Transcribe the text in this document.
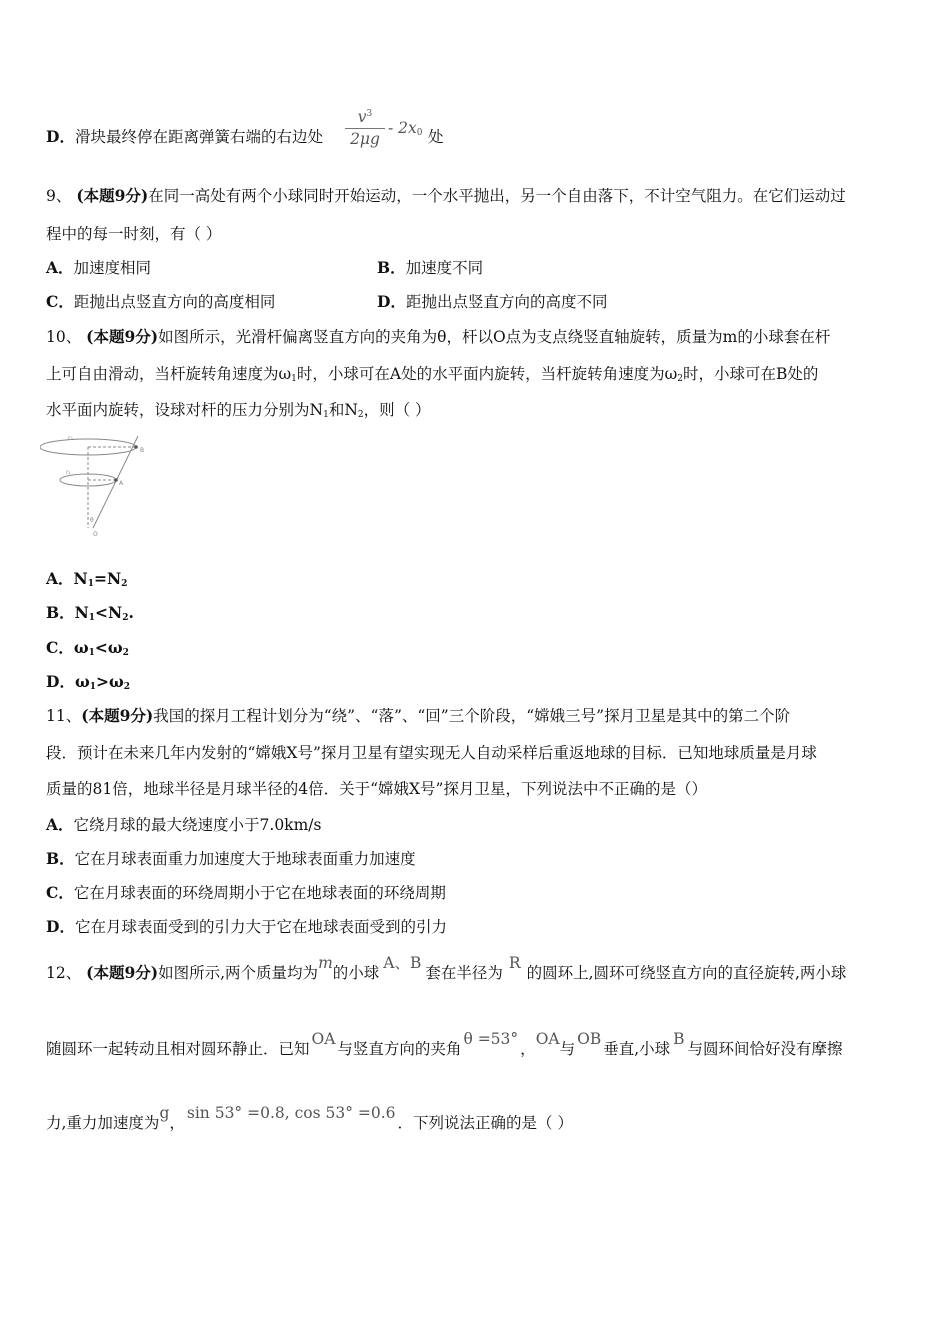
D．滑块最终停在距离弹簧右端的右边处 $\frac{v^3}{2\mu g} - 2x_0$ 处
9、 (本题9分)在同一高处有两个小球同时开始运动，一个水平抛出，另一个自由落下，不计空气阻力。在它们运动过
程中的每一时刻，有（ ）
A．加速度相同	B．加速度不同
C．距抛出点竖直方向的高度相同	D．距抛出点竖直方向的高度不同
10、 (本题9分)如图所示，光滑杆偏离竖直方向的夹角为θ，杆以O点为支点绕竖直轴旋转，质量为m的小球套在杆
上可自由滑动，当杆旋转角速度为$\omega_1$时，小球可在A处的水平面内旋转，当杆旋转角速度为$\omega_2$时，小球可在B处的
水平面内旋转，设球对杆的压力分别为$N_1$和$N_2$，则（ ）
r₂
r₁
B
A
θ
O
A．$N_1=N_2$
B．$N_1<N_2$.
C．$\omega_1<\omega_2$
D．$\omega_1>\omega_2$
11、(本题9分)我国的探月工程计划分为“绕”、“落”、“回”三个阶段，“嫦娥三号”探月卫星是其中的第二个阶
段．预计在未来几年内发射的“嫦娥X号”探月卫星有望实现无人自动采样后重返地球的目标．已知地球质量是月球
质量的81倍，地球半径是月球半径的4倍．关于“嫦娥X号”探月卫星，下列说法中不正确的是（）
A．它绕月球的最大绕速度小于7.0km/s
B．它在月球表面重力加速度大于地球表面重力加速度
C．它在月球表面的环绕周期小于它在地球表面的环绕周期
D．它在月球表面受到的引力大于它在地球表面受到的引力
12、 (本题9分)如图所示,两个质量均为m的小球A、B套在半径为R的圆环上,圆环可绕竖直方向的直径旋转,两小球
随圆环一起转动且相对圆环静止．已知OA与竖直方向的夹角θ =53°，OA与OB垂直,小球B与圆环间恰好没有摩擦
力,重力加速度为g，sin 53° =0.8, cos 53° =0.6．下列说法正确的是（ ）
